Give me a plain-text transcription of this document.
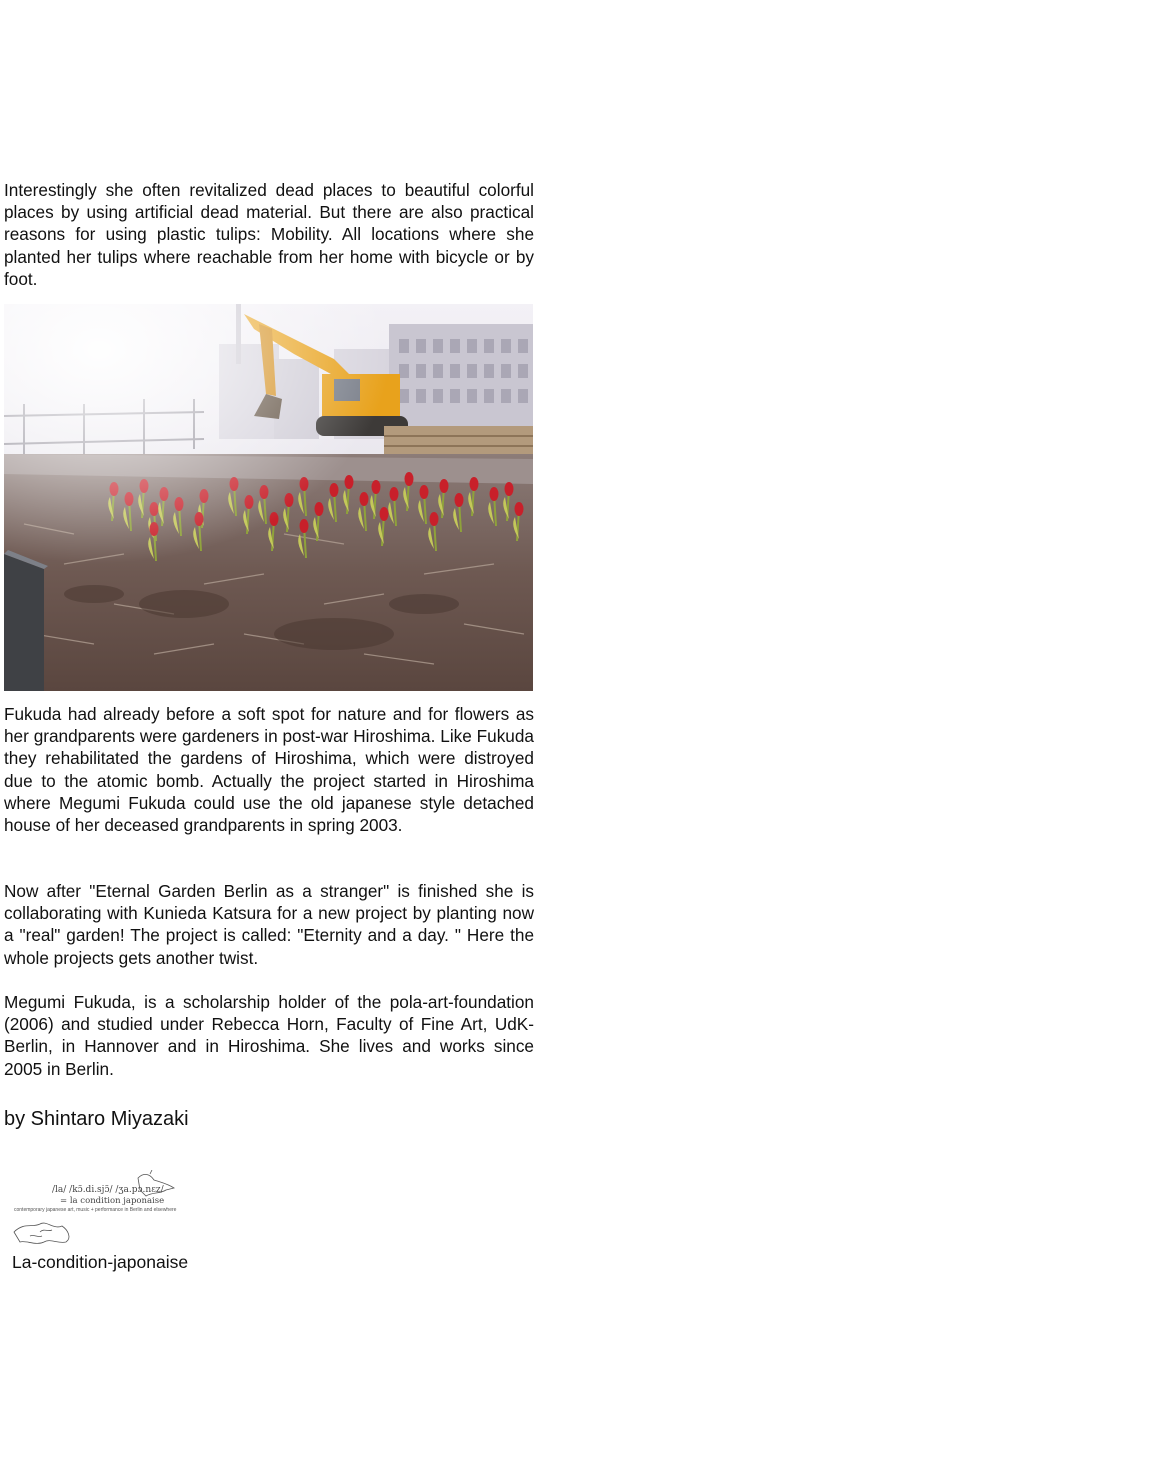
Interestingly she often revitalized dead places to beautiful colorful places by using artificial dead material. But there are also practical reasons for using plastic tulips: Mobility. All locations where she planted her tulips where reachable from her home with bicycle or by foot.

Fukuda had already before a soft spot for nature and for flowers as her grandparents were gardeners in post-war Hiroshima. Like Fukuda they rehabilitated the gardens of Hiroshima, which were distroyed due to the atomic bomb. Actually the project started in Hiroshima where Megumi Fukuda could use the old japanese style detached house of her deceased grandparents in spring 2003.

Now after "Eternal Garden Berlin as a stranger" is finished she is collaborating with Kunieda Katsura for a new project by planting now a "real" garden! The project is called: "Eternity and a day. " Here the whole projects gets another twist.

Megumi Fukuda, is a scholarship holder of the pola-art-foundation (2006) and studied under Rebecca Horn, Faculty of Fine Art, UdK-Berlin, in Hannover and in Hiroshima. She lives and works since 2005 in Berlin.

by Shintaro Miyazaki
/la/ /kɔ̃.di.sjɔ̃/ /ʒa.pɔ.nɛz/
= la condition japonaise
contemporary japanese art, music + performance in Berlin and elsewhere
La-condition-japonaise
